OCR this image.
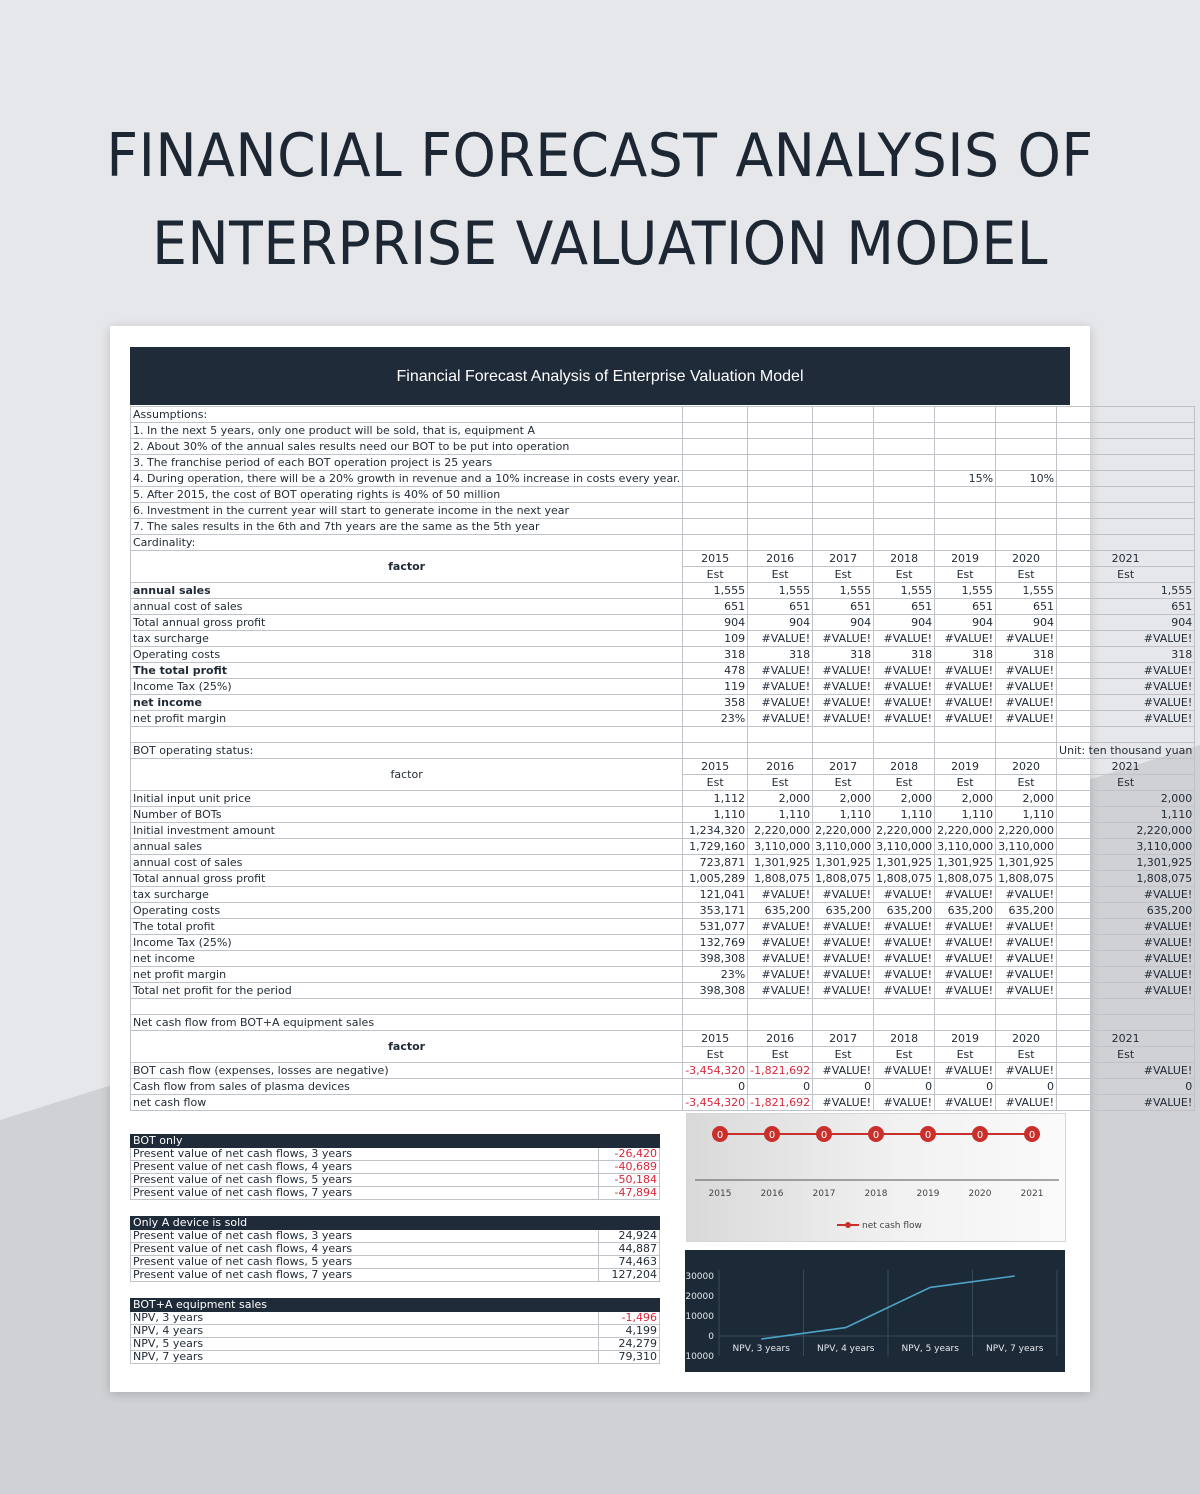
FINANCIAL FORECAST ANALYSIS OF
ENTERPRISE VALUATION MODEL
Financial Forecast Analysis of Enterprise Valuation Model
Assumptions:							
1. In the next 5 years, only one product will be sold, that is, equipment A							
2. About 30% of the annual sales results need our BOT to be put into operation							
3. The franchise period of each BOT operation project is 25 years							
4. During operation, there will be a 20% growth in revenue and a 10% increase in costs every year.					15%	10%	
5. After 2015, the cost of BOT operating rights is 40% of 50 million							
6. Investment in the current year will start to generate income in the next year							
7. The sales results in the 6th and 7th years are the same as the 5th year							
Cardinality:							
factor	2015	2016	2017	2018	2019	2020	2021
	Est	Est	Est	Est	Est	Est	Est
annual sales	1,555	1,555	1,555	1,555	1,555	1,555	1,555
annual cost of sales	651	651	651	651	651	651	651
Total annual gross profit	904	904	904	904	904	904	904
tax surcharge	109	#VALUE!	#VALUE!	#VALUE!	#VALUE!	#VALUE!	#VALUE!
Operating costs	318	318	318	318	318	318	318
The total profit	478	#VALUE!	#VALUE!	#VALUE!	#VALUE!	#VALUE!	#VALUE!
Income Tax (25%)	119	#VALUE!	#VALUE!	#VALUE!	#VALUE!	#VALUE!	#VALUE!
net income	358	#VALUE!	#VALUE!	#VALUE!	#VALUE!	#VALUE!	#VALUE!
net profit margin	23%	#VALUE!	#VALUE!	#VALUE!	#VALUE!	#VALUE!	#VALUE!

BOT operating status:							Unit: ten thousand yuan
factor	2015	2016	2017	2018	2019	2020	2021
	Est	Est	Est	Est	Est	Est	Est
Initial input unit price	1,112	2,000	2,000	2,000	2,000	2,000	2,000
Number of BOTs	1,110	1,110	1,110	1,110	1,110	1,110	1,110
Initial investment amount	1,234,320	2,220,000	2,220,000	2,220,000	2,220,000	2,220,000	2,220,000
annual sales	1,729,160	3,110,000	3,110,000	3,110,000	3,110,000	3,110,000	3,110,000
annual cost of sales	723,871	1,301,925	1,301,925	1,301,925	1,301,925	1,301,925	1,301,925
Total annual gross profit	1,005,289	1,808,075	1,808,075	1,808,075	1,808,075	1,808,075	1,808,075
tax surcharge	121,041	#VALUE!	#VALUE!	#VALUE!	#VALUE!	#VALUE!	#VALUE!
Operating costs	353,171	635,200	635,200	635,200	635,200	635,200	635,200
The total profit	531,077	#VALUE!	#VALUE!	#VALUE!	#VALUE!	#VALUE!	#VALUE!
Income Tax (25%)	132,769	#VALUE!	#VALUE!	#VALUE!	#VALUE!	#VALUE!	#VALUE!
net income	398,308	#VALUE!	#VALUE!	#VALUE!	#VALUE!	#VALUE!	#VALUE!
net profit margin	23%	#VALUE!	#VALUE!	#VALUE!	#VALUE!	#VALUE!	#VALUE!
Total net profit for the period	398,308	#VALUE!	#VALUE!	#VALUE!	#VALUE!	#VALUE!	#VALUE!

Net cash flow from BOT+A equipment sales							
factor	2015	2016	2017	2018	2019	2020	2021
	Est	Est	Est	Est	Est	Est	Est
BOT cash flow (expenses, losses are negative)	-3,454,320	-1,821,692	#VALUE!	#VALUE!	#VALUE!	#VALUE!	#VALUE!
Cash flow from sales of plasma devices	0	0	0	0	0	0	0
net cash flow	-3,454,320	-1,821,692	#VALUE!	#VALUE!	#VALUE!	#VALUE!	#VALUE!
BOT only	
Present value of net cash flows, 3 years	-26,420
Present value of net cash flows, 4 years	-40,689
Present value of net cash flows, 5 years	-50,184
Present value of net cash flows, 7 years	-47,894
Only A device is sold	
Present value of net cash flows, 3 years	24,924
Present value of net cash flows, 4 years	44,887
Present value of net cash flows, 5 years	74,463
Present value of net cash flows, 7 years	127,204
BOT+A equipment sales	
NPV, 3 years	-1,496
NPV, 4 years	4,199
NPV, 5 years	24,279
NPV, 7 years	79,310
0
2015
0
2016
0
2017
0
2018
0
2019
0
2020
0
2021
net cash flow
30000
20000
10000
0
-10000
NPV, 3 years	NPV, 4 years	NPV, 5 years	NPV, 7 years
